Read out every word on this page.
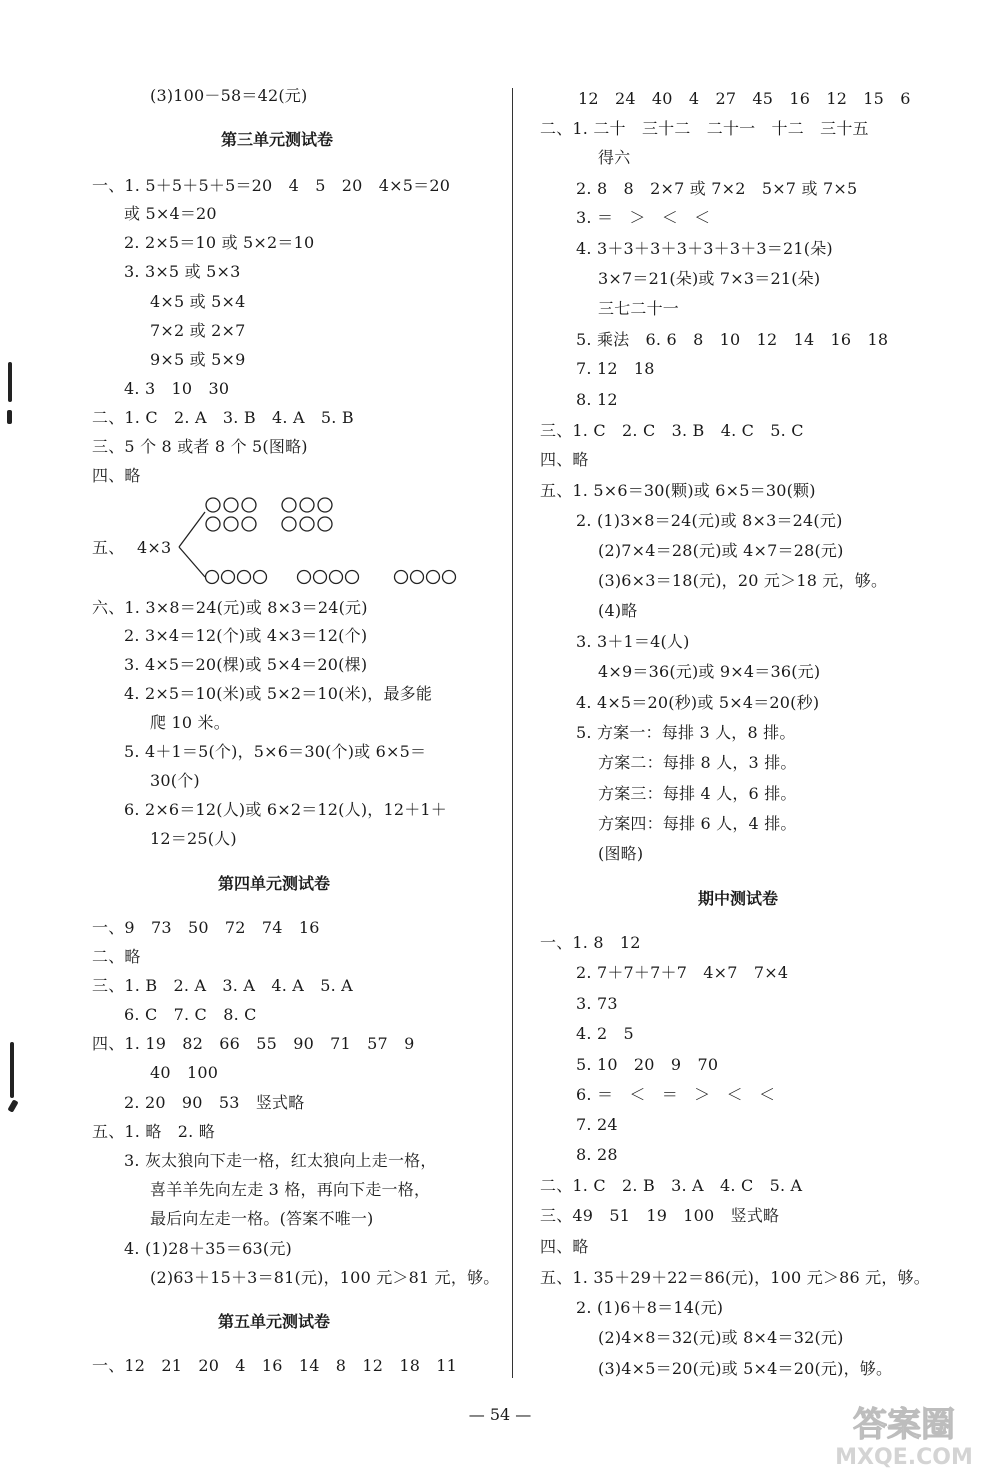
(3)100－58＝42(元)
第三单元测试卷
一、1. 5＋5＋5＋5＝20　4　5　20　4×5＝20
或 5×4＝20
2. 2×5＝10 或 5×2＝10
3. 3×5 或 5×3
4×5 或 5×4
7×2 或 2×7
9×5 或 5×9
4. 3　10　30
二、1. C　2. A　3. B　4. A　5. B
三、5 个 8 或者 8 个 5(图略)
四、略
五、 4×3
六、1. 3×8＝24(元)或 8×3＝24(元)
2. 3×4＝12(个)或 4×3＝12(个)
3. 4×5＝20(棵)或 5×4＝20(棵)
4. 2×5＝10(米)或 5×2＝10(米)，最多能
爬 10 米。
5. 4＋1＝5(个)，5×6＝30(个)或 6×5＝
30(个)
6. 2×6＝12(人)或 6×2＝12(人)，12＋1＋
12＝25(人)
第四单元测试卷
一、9　73　50　72　74　16
二、略
三、1. B　2. A　3. A　4. A　5. A
6. C　7. C　8. C
四、1. 19　82　66　55　90　71　57　9
40　100
2. 20　90　53　竖式略
五、1. 略　2. 略
3. 灰太狼向下走一格，红太狼向上走一格，
喜羊羊先向左走 3 格，再向下走一格，
最后向左走一格。(答案不唯一)
4. (1)28＋35＝63(元)
(2)63＋15＋3＝81(元)，100 元＞81 元，够。
第五单元测试卷
一、12　21　20　4　16　14　8　12　18　11
12　24　40　4　27　45　16　12　15　6
二、1. 二十　三十二　二十一　十二　三十五
得六
2. 8　8　2×7 或 7×2　5×7 或 7×5
3. ＝　＞　＜　＜
4. 3＋3＋3＋3＋3＋3＋3＝21(朵)
3×7＝21(朵)或 7×3＝21(朵)
三七二十一
5. 乘法　6. 6　8　10　12　14　16　18
7. 12　18
8. 12
三、1. C　2. C　3. B　4. C　5. C
四、略
五、1. 5×6＝30(颗)或 6×5＝30(颗)
2. (1)3×8＝24(元)或 8×3＝24(元)
(2)7×4＝28(元)或 4×7＝28(元)
(3)6×3＝18(元)，20 元＞18 元，够。
(4)略
3. 3＋1＝4(人)
4×9＝36(元)或 9×4＝36(元)
4. 4×5＝20(秒)或 5×4＝20(秒)
5. 方案一：每排 3 人，8 排。
方案二：每排 8 人，3 排。
方案三：每排 4 人，6 排。
方案四：每排 6 人，4 排。
(图略)
期中测试卷
一、1. 8　12
2. 7＋7＋7＋7　4×7　7×4
3. 73
4. 2　5
5. 10　20　9　70
6. ＝　＜　＝　＞　＜　＜
7. 24
8. 28
二、1. C　2. B　3. A　4. C　5. A
三、49　51　19　100　竖式略
四、略
五、1. 35＋29＋22＝86(元)，100 元＞86 元，够。
2. (1)6＋8＝14(元)
(2)4×8＝32(元)或 8×4＝32(元)
(3)4×5＝20(元)或 5×4＝20(元)，够。
— 54 —	答案圈
MXQE.COM
